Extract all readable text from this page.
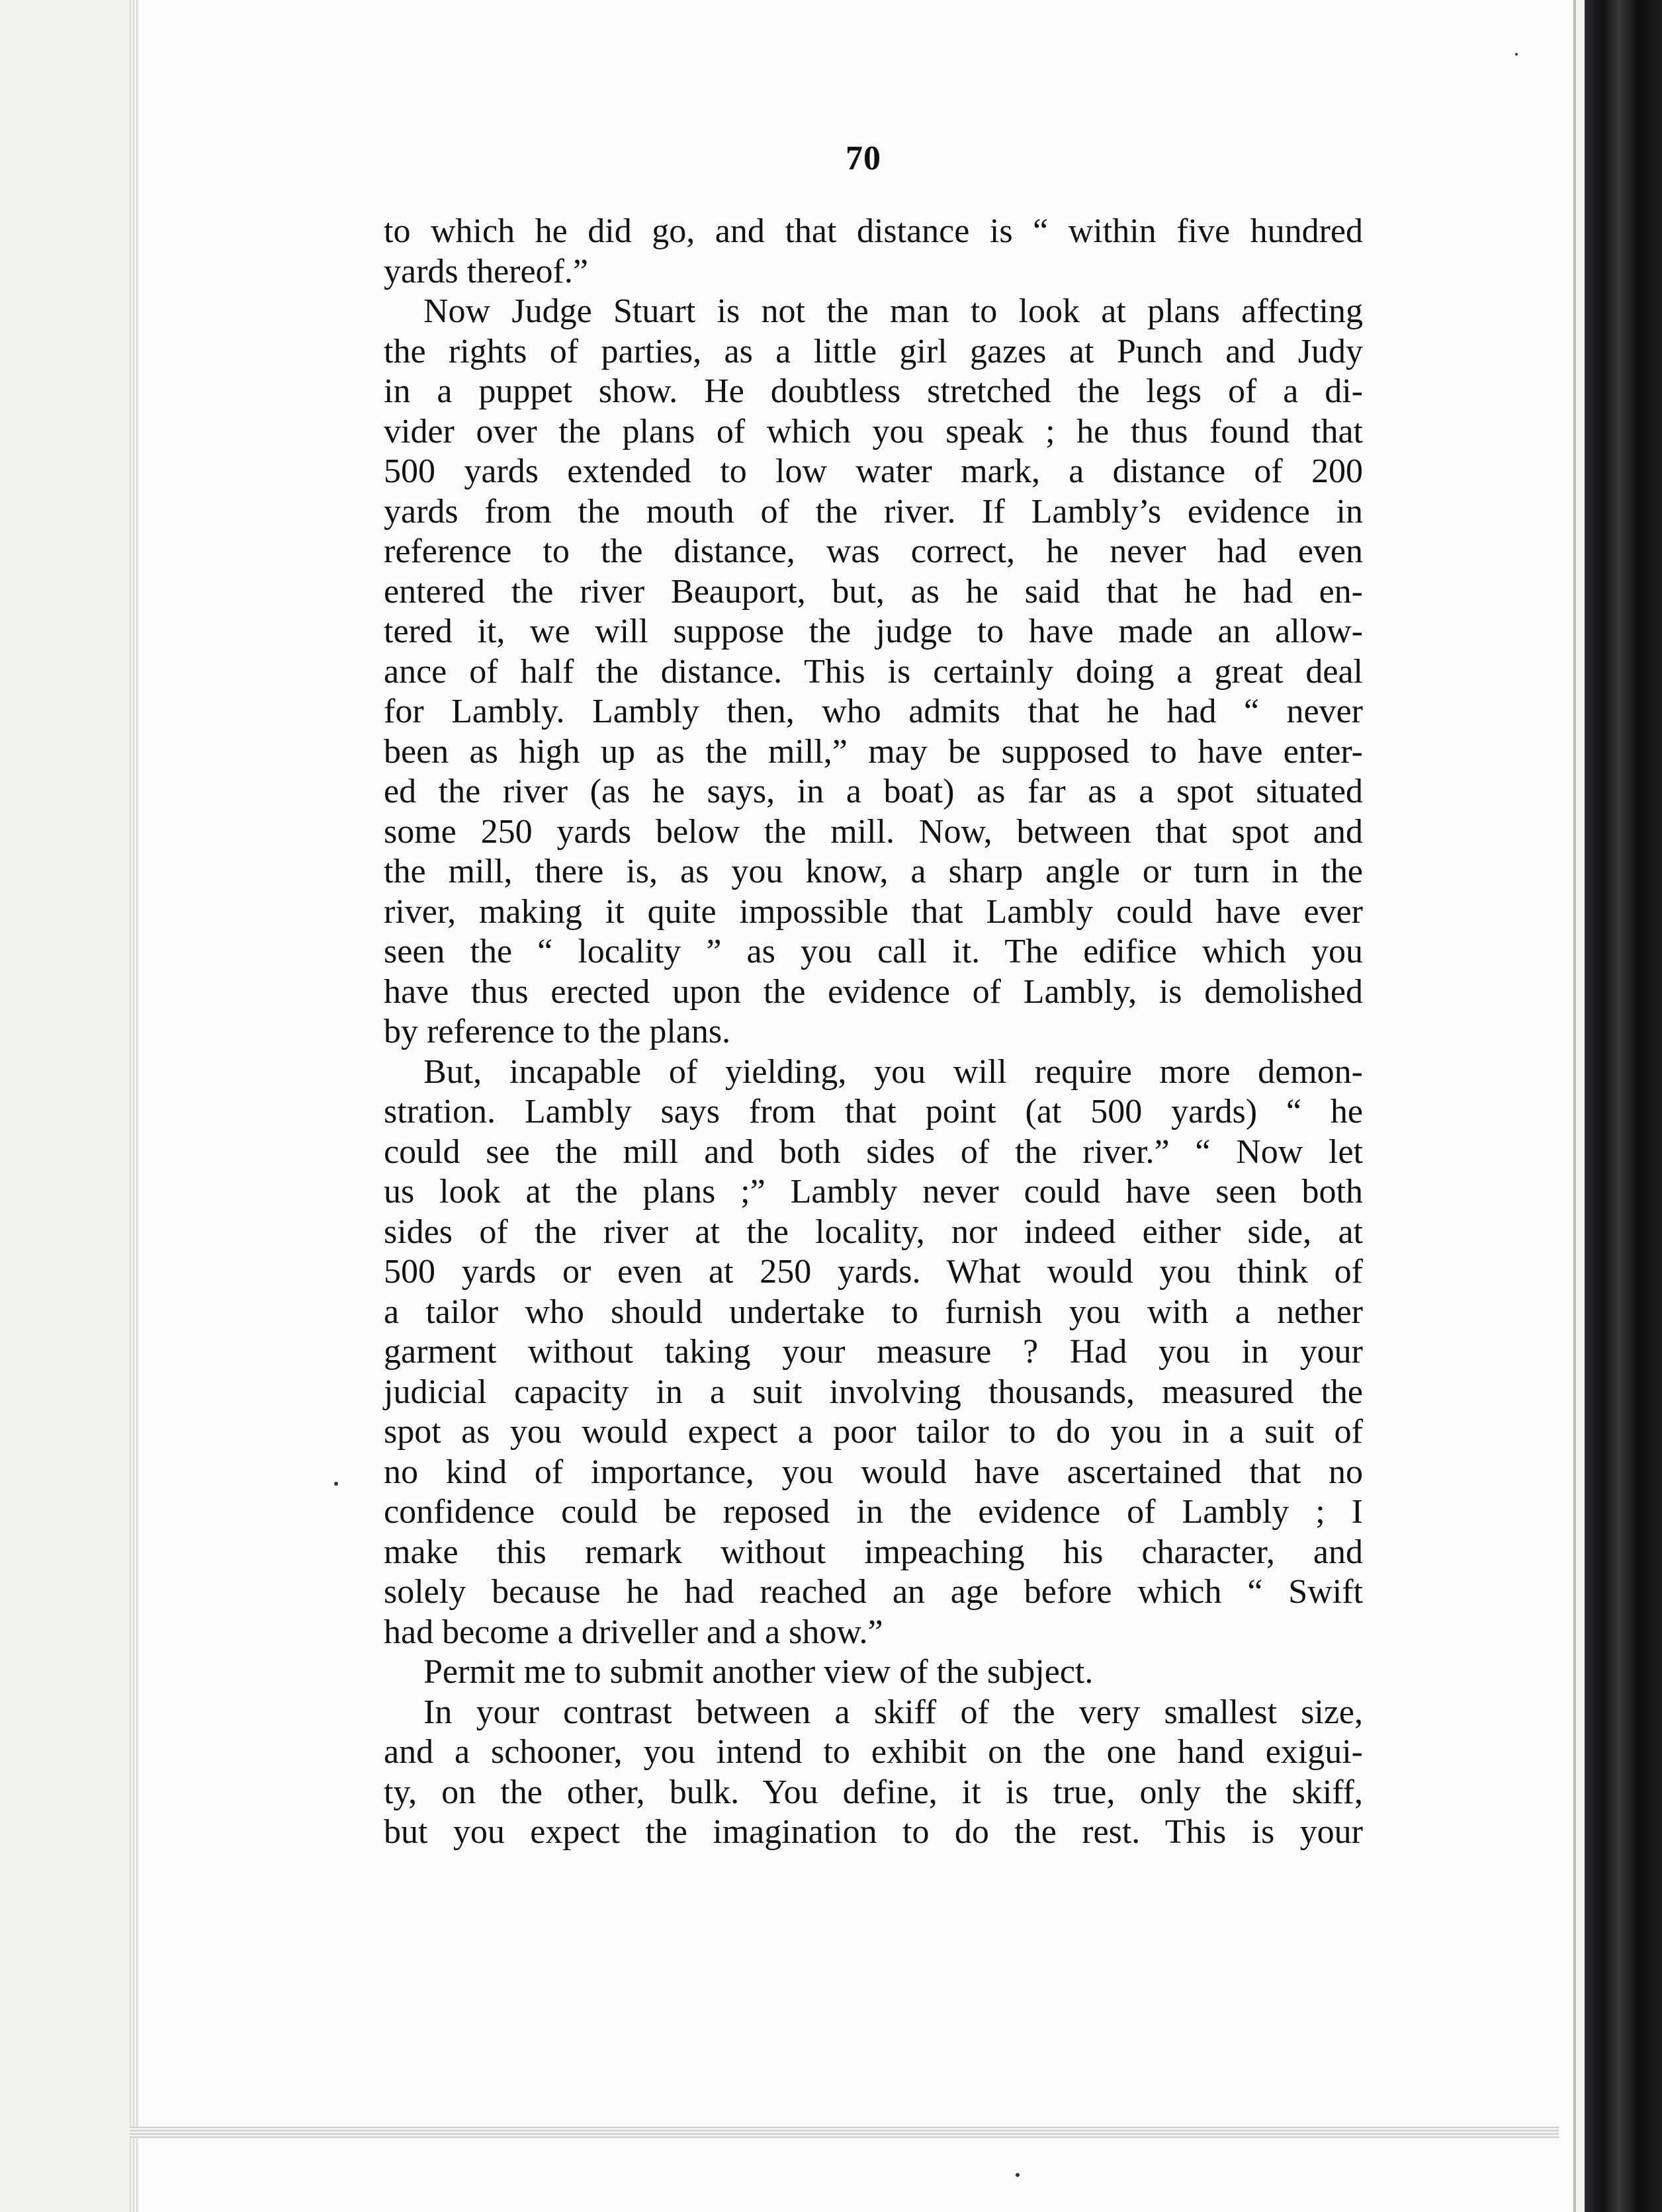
70
to which he did go, and that distance is “ within five hundred
yards thereof.”
Now Judge Stuart is not the man to look at plans affecting
the rights of parties, as a little girl gazes at Punch and Judy
in a puppet show. He doubtless stretched the legs of a di-
vider over the plans of which you speak ; he thus found that
500 yards extended to low water mark, a distance of 200
yards from the mouth of the river. If Lambly’s evidence in
reference to the distance, was correct, he never had even
entered the river Beauport, but, as he said that he had en-
tered it, we will suppose the judge to have made an allow-
ance of half the distance. This is certainly doing a great deal
for Lambly. Lambly then, who admits that he had “ never
been as high up as the mill,” may be supposed to have enter-
ed the river (as he says, in a boat) as far as a spot situated
some 250 yards below the mill. Now, between that spot and
the mill, there is, as you know, a sharp angle or turn in the
river, making it quite impossible that Lambly could have ever
seen the “ locality ” as you call it. The edifice which you
have thus erected upon the evidence of Lambly, is demolished
by reference to the plans.
But, incapable of yielding, you will require more demon-
stration. Lambly says from that point (at 500 yards) “ he
could see the mill and both sides of the river.” “ Now let
us look at the plans ;” Lambly never could have seen both
sides of the river at the locality, nor indeed either side, at
500 yards or even at 250 yards. What would you think of
a tailor who should undertake to furnish you with a nether
garment without taking your measure ? Had you in your
judicial capacity in a suit involving thousands, measured the
spot as you would expect a poor tailor to do you in a suit of
no kind of importance, you would have ascertained that no
confidence could be reposed in the evidence of Lambly ; I
make this remark without impeaching his character, and
solely because he had reached an age before which “ Swift
had become a driveller and a show.”
Permit me to submit another view of the subject.
In your contrast between a skiff of the very smallest size,
and a schooner, you intend to exhibit on the one hand exigui-
ty, on the other, bulk. You define, it is true, only the skiff,
but you expect the imagination to do the rest. This is your
